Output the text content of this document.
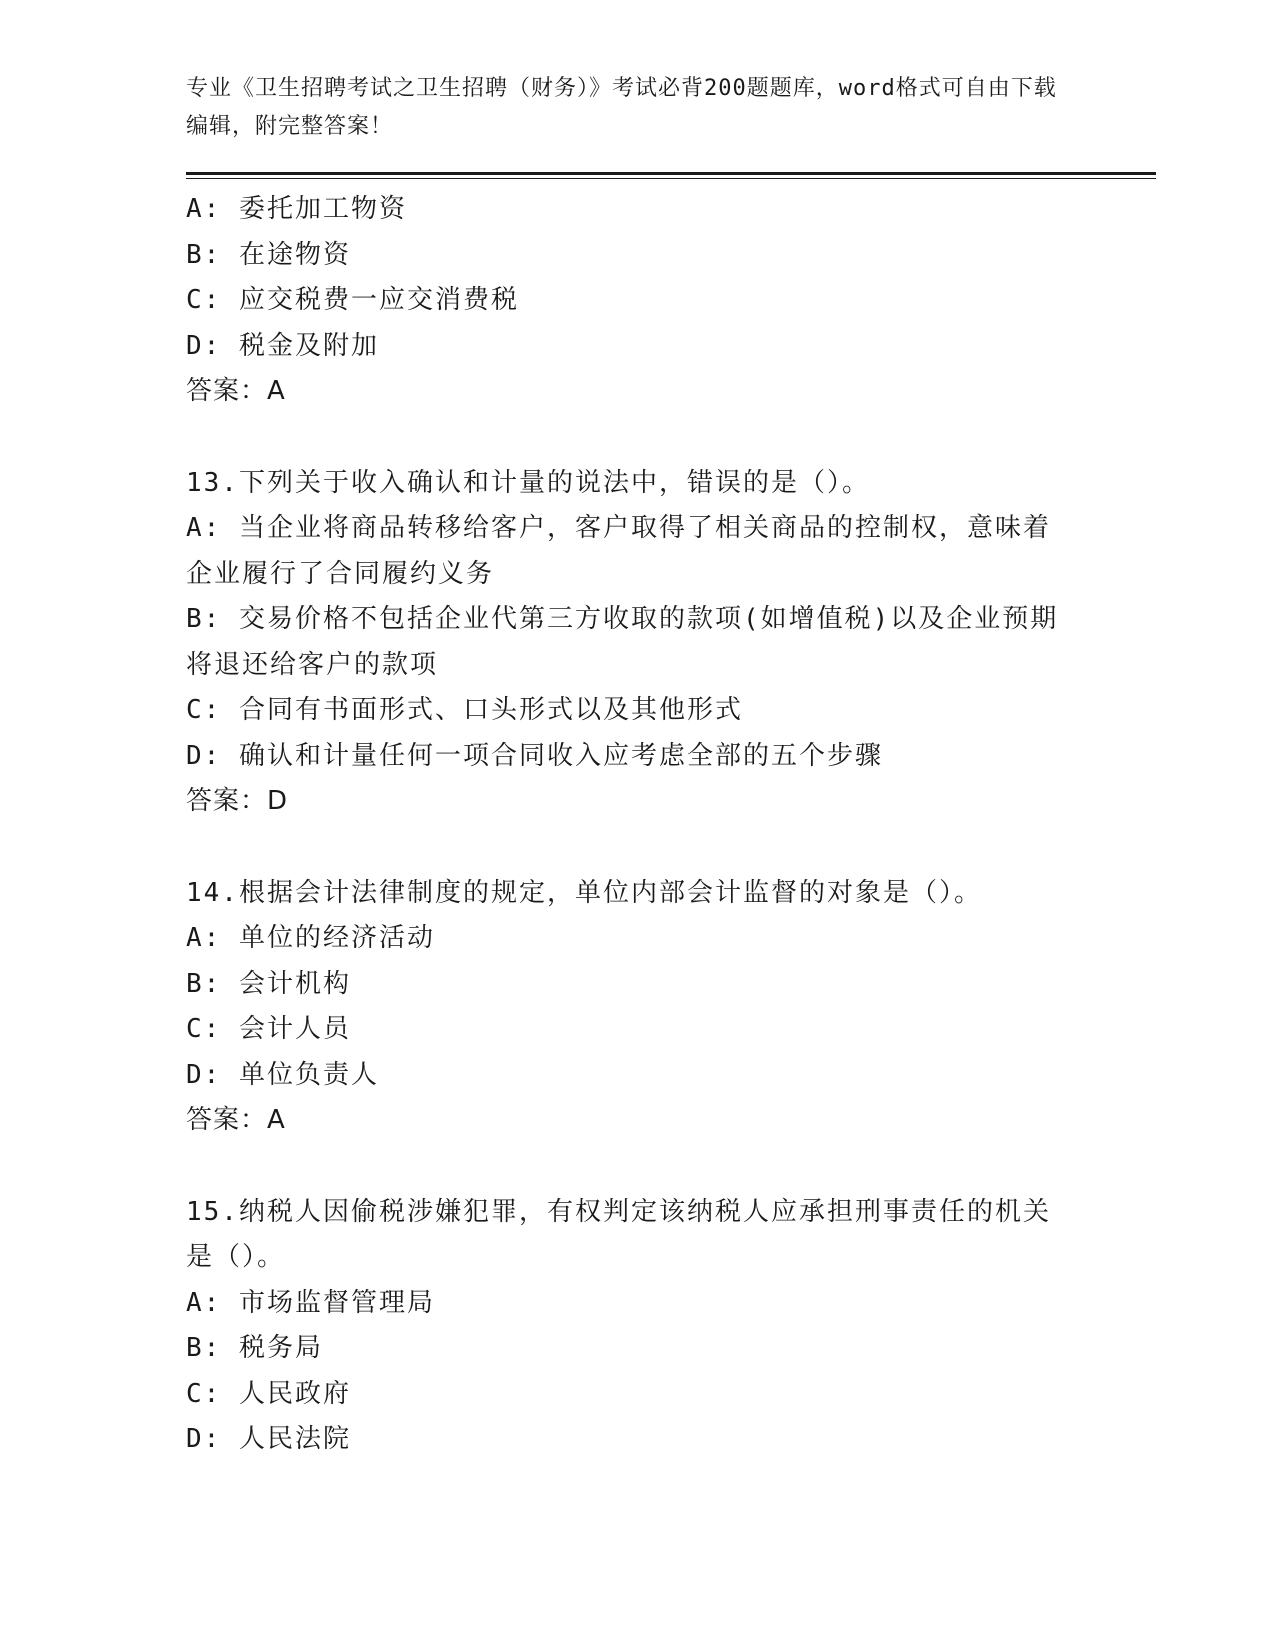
专业《卫生招聘考试之卫生招聘（财务）》考试必背200题题库，word格式可自由下载编辑，附完整答案！

A: 委托加工物资

B: 在途物资

C: 应交税费一应交消费税

D: 税金及附加

答案：A

13.下列关于收入确认和计量的说法中，错误的是（）。

A: 当企业将商品转移给客户，客户取得了相关商品的控制权，意味着企业履行了合同履约义务

B: 交易价格不包括企业代第三方收取的款项(如增值税)以及企业预期将退还给客户的款项

C: 合同有书面形式、口头形式以及其他形式

D: 确认和计量任何一项合同收入应考虑全部的五个步骤

答案：D

14.根据会计法律制度的规定，单位内部会计监督的对象是（）。

A: 单位的经济活动

B: 会计机构

C: 会计人员

D: 单位负责人

答案：A

15.纳税人因偷税涉嫌犯罪，有权判定该纳税人应承担刑事责任的机关是（）。

A: 市场监督管理局

B: 税务局

C: 人民政府

D: 人民法院
